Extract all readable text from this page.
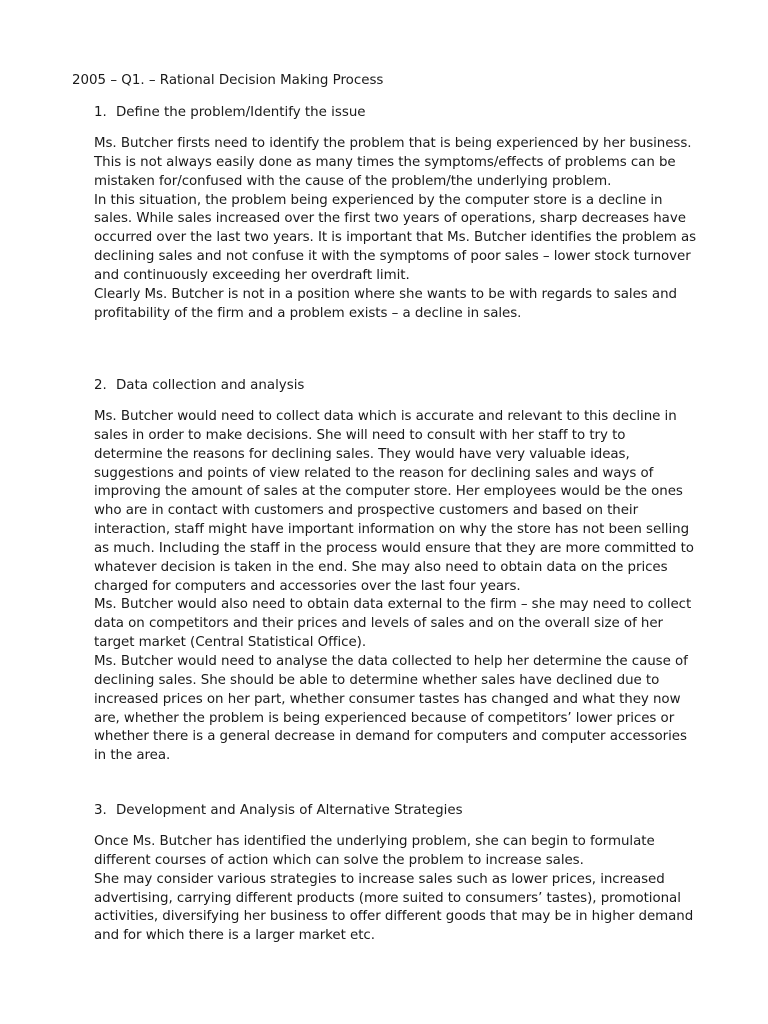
2005 – Q1. – Rational Decision Making Process
1. Define the problem/Identify the issue

Ms. Butcher firsts need to identify the problem that is being experienced by her business. This is not always easily done as many times the symptoms/effects of problems can be mistaken for/confused with the cause of the problem/the underlying problem.

In this situation, the problem being experienced by the computer store is a decline in sales. While sales increased over the first two years of operations, sharp decreases have occurred over the last two years. It is important that Ms. Butcher identifies the problem as declining sales and not confuse it with the symptoms of poor sales – lower stock turnover and continuously exceeding her overdraft limit.

Clearly Ms. Butcher is not in a position where she wants to be with regards to sales and profitability of the firm and a problem exists – a decline in sales.

2. Data collection and analysis

Ms. Butcher would need to collect data which is accurate and relevant to this decline in sales in order to make decisions. She will need to consult with her staff to try to determine the reasons for declining sales. They would have very valuable ideas, suggestions and points of view related to the reason for declining sales and ways of improving the amount of sales at the computer store. Her employees would be the ones who are in contact with customers and prospective customers and based on their interaction, staff might have important information on why the store has not been selling as much. Including the staff in the process would ensure that they are more committed to whatever decision is taken in the end. She may also need to obtain data on the prices charged for computers and accessories over the last four years.

Ms. Butcher would also need to obtain data external to the firm – she may need to collect data on competitors and their prices and levels of sales and on the overall size of her target market (Central Statistical Office).

Ms. Butcher would need to analyse the data collected to help her determine the cause of declining sales. She should be able to determine whether sales have declined due to increased prices on her part, whether consumer tastes has changed and what they now are, whether the problem is being experienced because of competitors’ lower prices or whether there is a general decrease in demand for computers and computer accessories in the area.

3. Development and Analysis of Alternative Strategies

Once Ms. Butcher has identified the underlying problem, she can begin to formulate different courses of action which can solve the problem to increase sales.

She may consider various strategies to increase sales such as lower prices, increased advertising, carrying different products (more suited to consumers’ tastes), promotional activities, diversifying her business to offer different goods that may be in higher demand and for which there is a larger market etc.
